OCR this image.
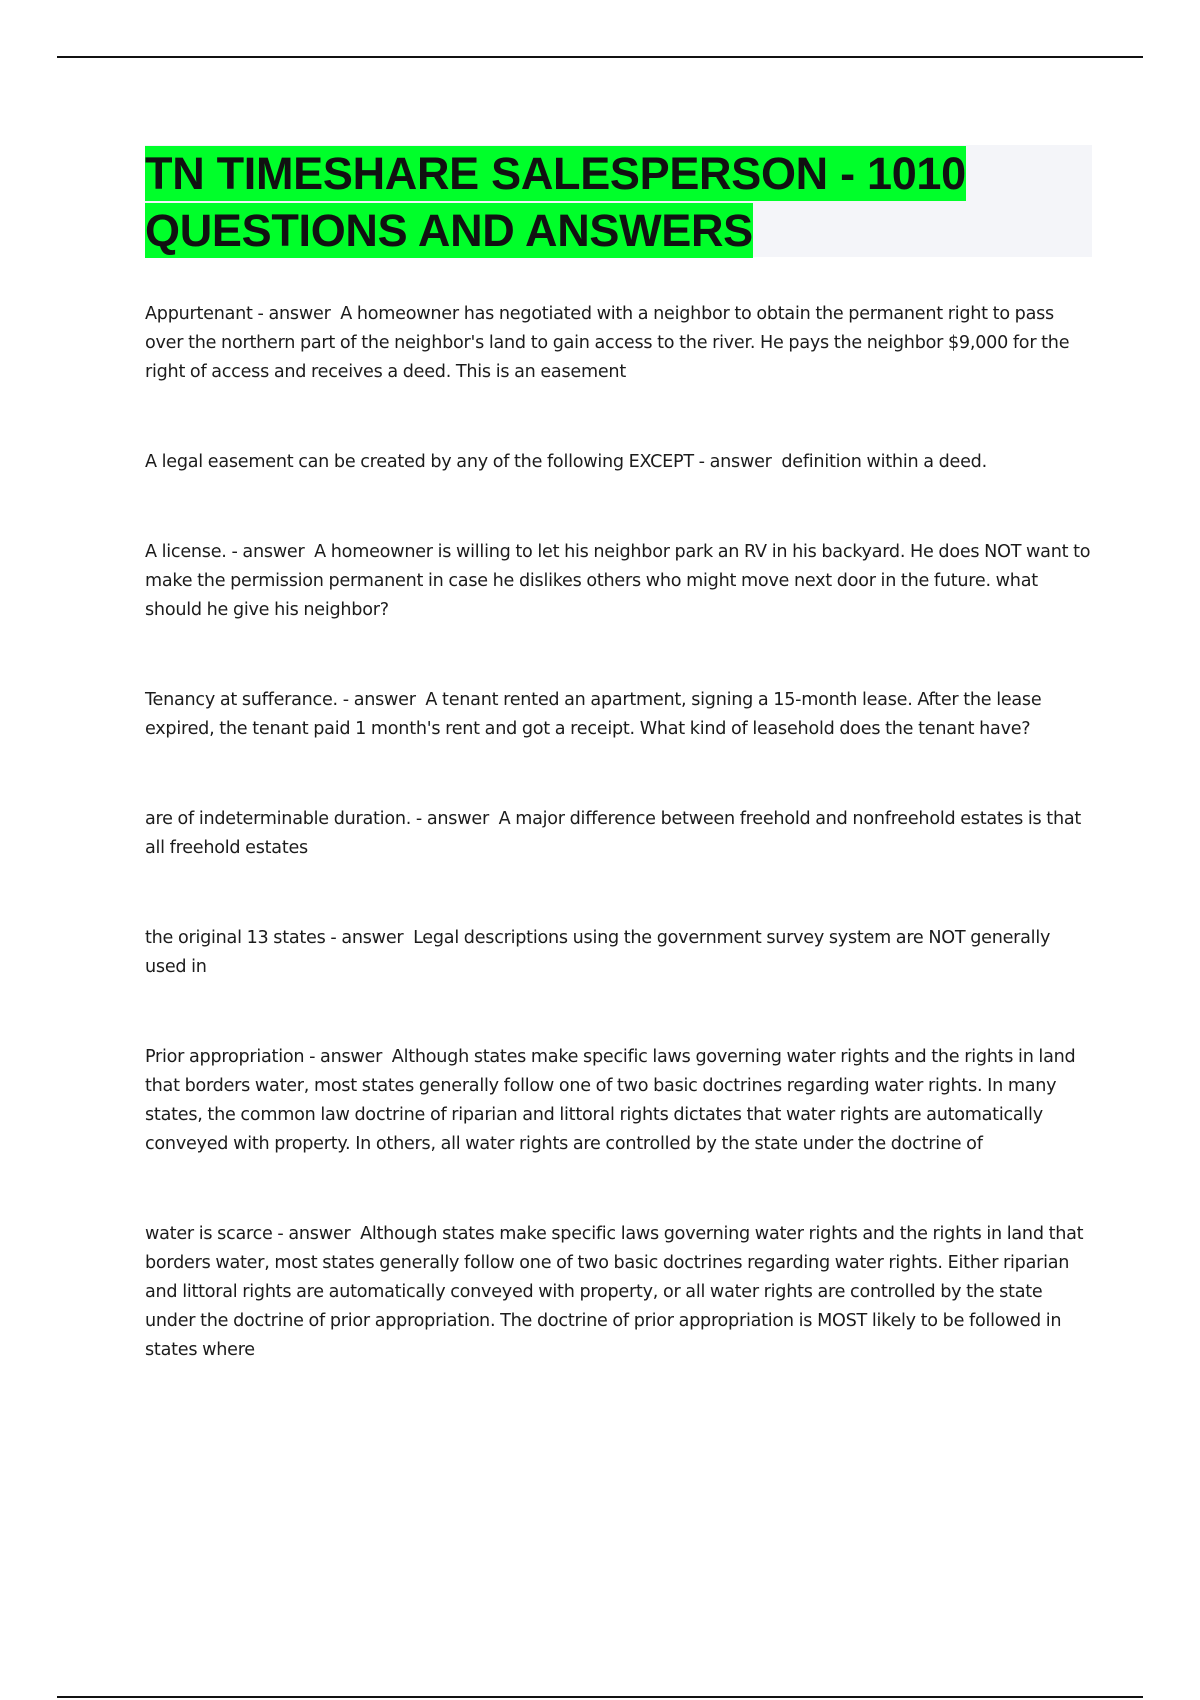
TN TIMESHARE SALESPERSON - 1010
QUESTIONS AND ANSWERS

Appurtenant - answer  A homeowner has negotiated with a neighbor to obtain the permanent right to pass over the northern part of the neighbor's land to gain access to the river. He pays the neighbor $9,000 for the right of access and receives a deed. This is an easement

A legal easement can be created by any of the following EXCEPT - answer  definition within a deed.

A license. - answer  A homeowner is willing to let his neighbor park an RV in his backyard. He does NOT want to make the permission permanent in case he dislikes others who might move next door in the future. what should he give his neighbor?

Tenancy at sufferance. - answer  A tenant rented an apartment, signing a 15-month lease. After the lease expired, the tenant paid 1 month's rent and got a receipt. What kind of leasehold does the tenant have?

are of indeterminable duration. - answer  A major difference between freehold and nonfreehold estates is that all freehold estates

the original 13 states - answer  Legal descriptions using the government survey system are NOT generally used in

Prior appropriation - answer  Although states make specific laws governing water rights and the rights in land that borders water, most states generally follow one of two basic doctrines regarding water rights. In many states, the common law doctrine of riparian and littoral rights dictates that water rights are automatically conveyed with property. In others, all water rights are controlled by the state under the doctrine of

water is scarce - answer  Although states make specific laws governing water rights and the rights in land that borders water, most states generally follow one of two basic doctrines regarding water rights. Either riparian and littoral rights are automatically conveyed with property, or all water rights are controlled by the state under the doctrine of prior appropriation. The doctrine of prior appropriation is MOST likely to be followed in states where
